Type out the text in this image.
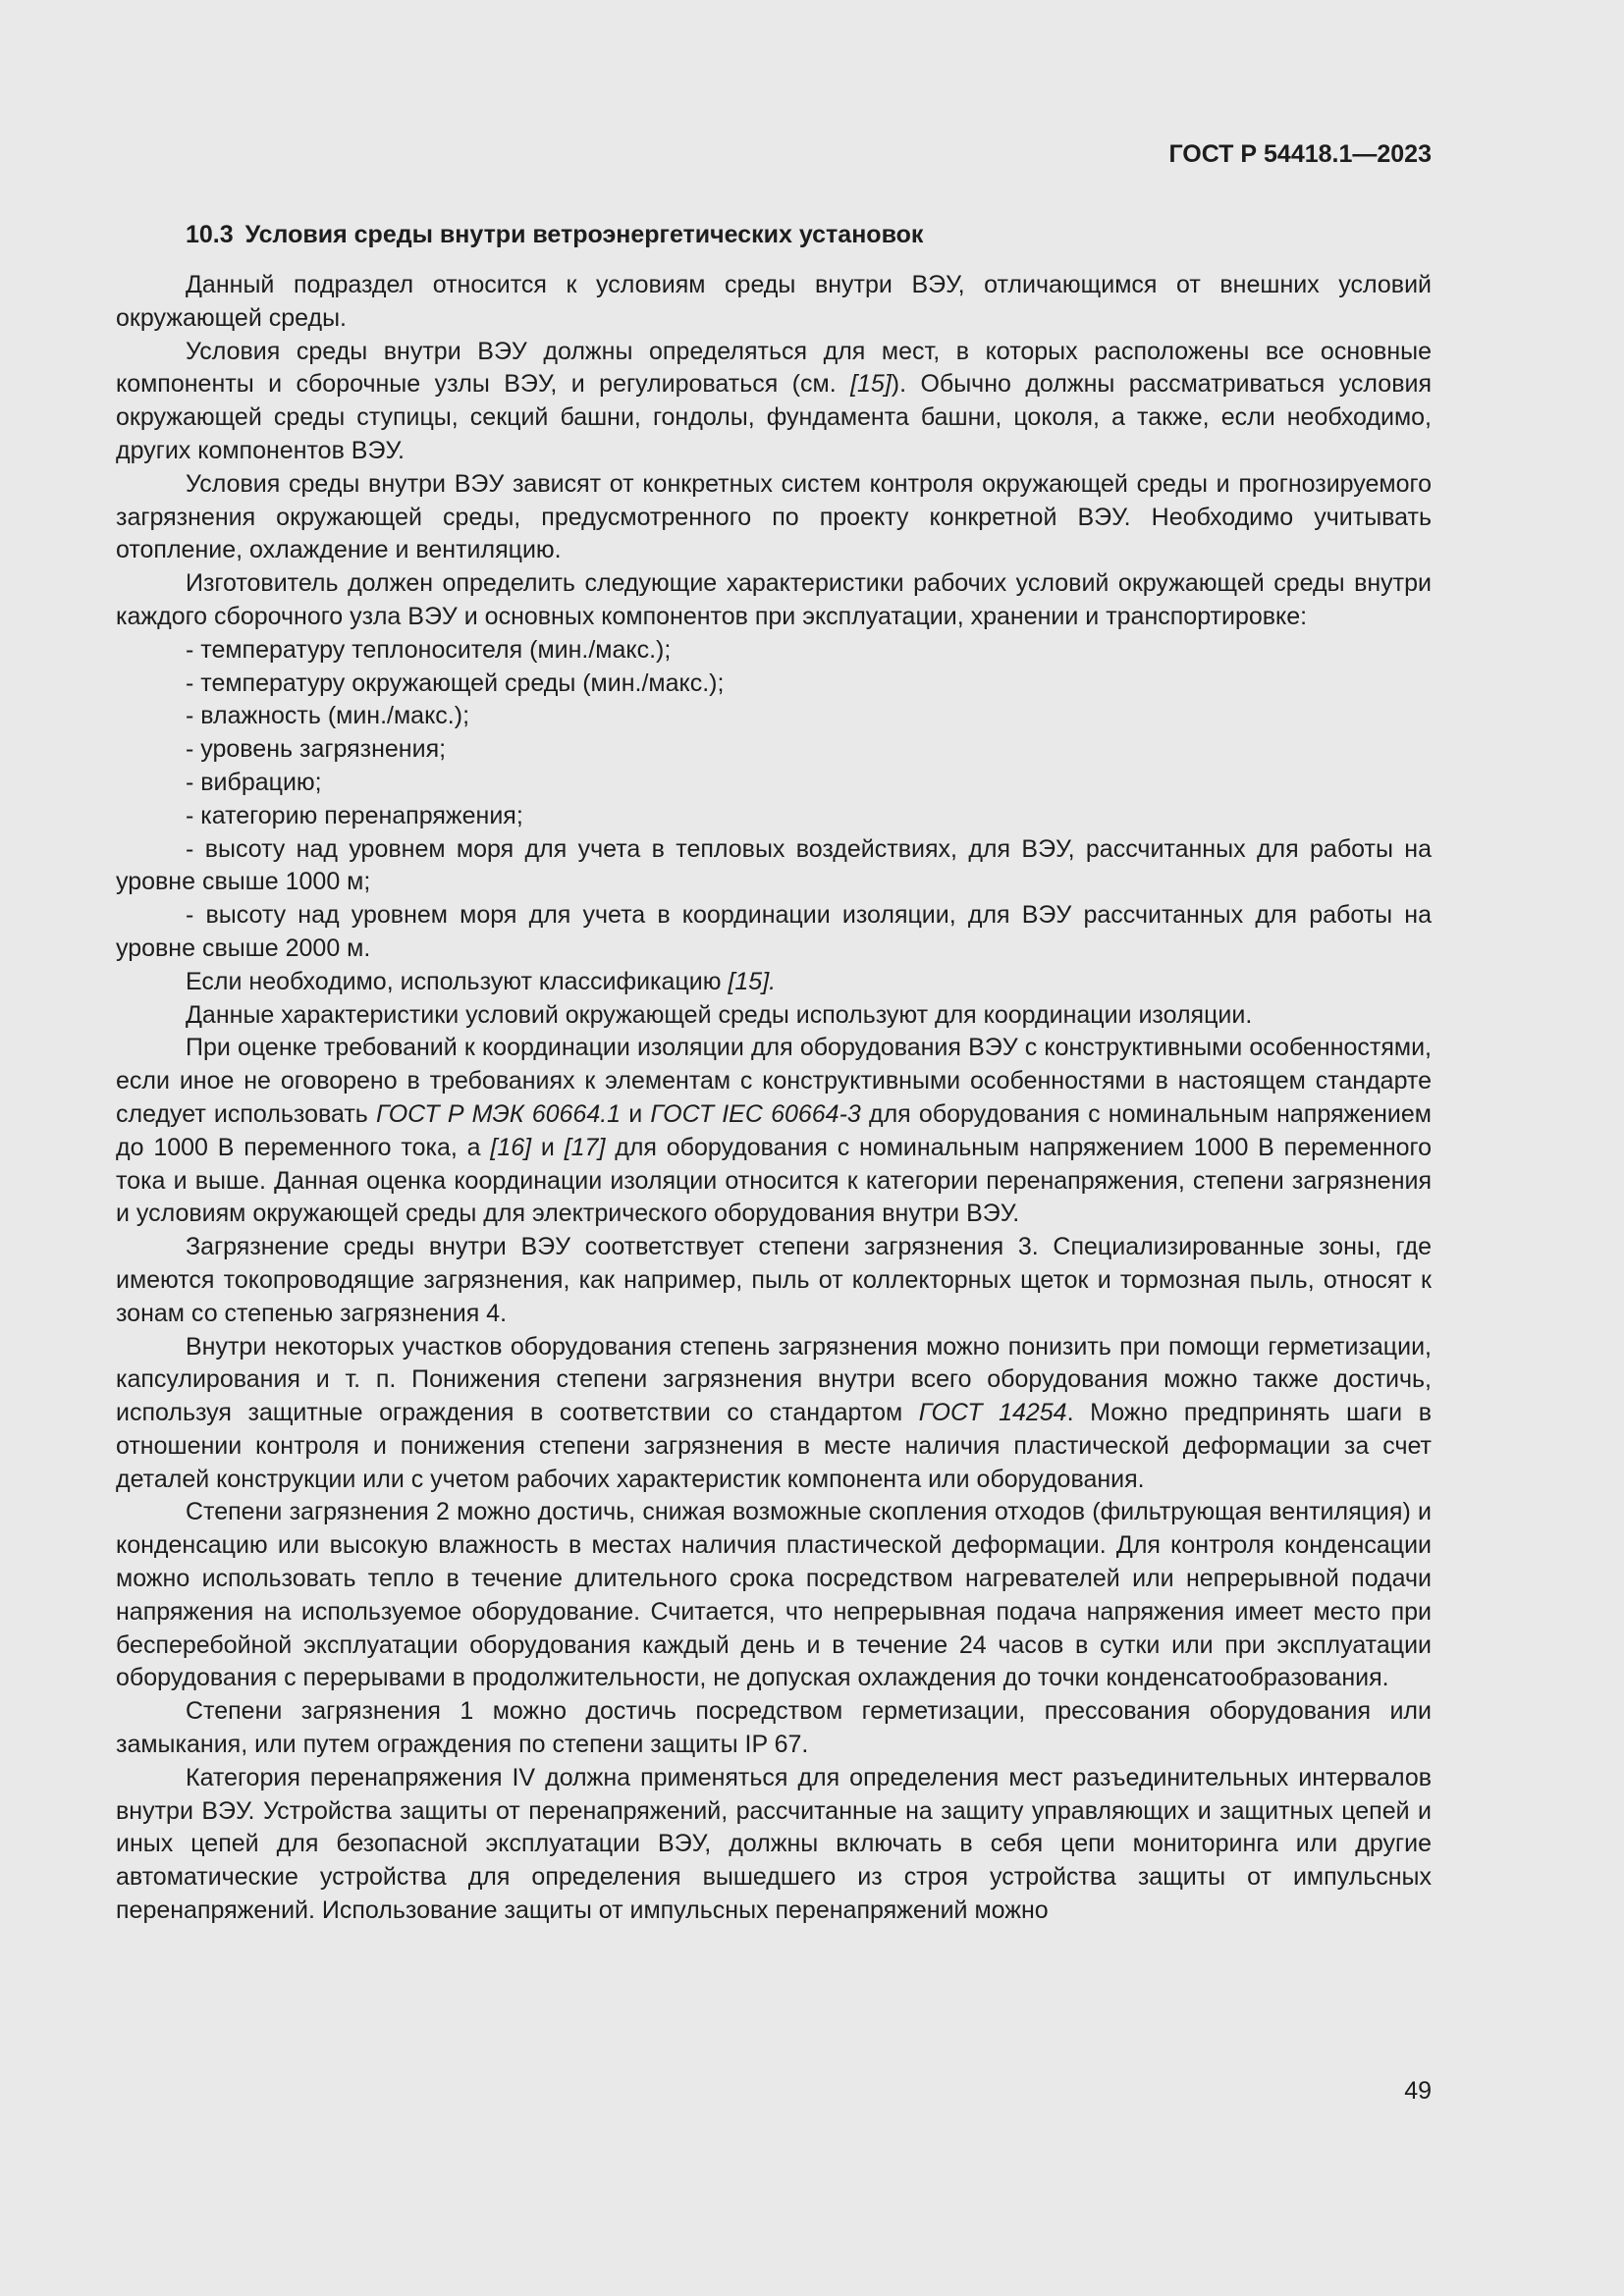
ГОСТ Р 54418.1—2023
10.3 Условия среды внутри ветроэнергетических установок

Данный подраздел относится к условиям среды внутри ВЭУ, отличающимся от внешних условий окружающей среды.

Условия среды внутри ВЭУ должны определяться для мест, в которых расположены все основные компоненты и сборочные узлы ВЭУ, и регулироваться (см. [15]). Обычно должны рассматриваться условия окружающей среды ступицы, секций башни, гондолы, фундамента башни, цоколя, а также, если необходимо, других компонентов ВЭУ.

Условия среды внутри ВЭУ зависят от конкретных систем контроля окружающей среды и прогнозируемого загрязнения окружающей среды, предусмотренного по проекту конкретной ВЭУ. Необходимо учитывать отопление, охлаждение и вентиляцию.

Изготовитель должен определить следующие характеристики рабочих условий окружающей среды внутри каждого сборочного узла ВЭУ и основных компонентов при эксплуатации, хранении и транспортировке:

- температуру теплоносителя (мин./макс.);

- температуру окружающей среды (мин./макс.);

- влажность (мин./макс.);

- уровень загрязнения;

- вибрацию;

- категорию перенапряжения;

- высоту над уровнем моря для учета в тепловых воздействиях, для ВЭУ, рассчитанных для работы на уровне свыше 1000 м;

- высоту над уровнем моря для учета в координации изоляции, для ВЭУ рассчитанных для работы на уровне свыше 2000 м.

Если необходимо, используют классификацию [15].

Данные характеристики условий окружающей среды используют для координации изоляции.

При оценке требований к координации изоляции для оборудования ВЭУ с конструктивными особенностями, если иное не оговорено в требованиях к элементам с конструктивными особенностями в настоящем стандарте следует использовать ГОСТ Р МЭК 60664.1 и ГОСТ IEC 60664-3 для оборудования с номинальным напряжением до 1000 В переменного тока, а [16] и [17] для оборудования с номинальным напряжением 1000 В переменного тока и выше. Данная оценка координации изоляции относится к категории перенапряжения, степени загрязнения и условиям окружающей среды для электрического оборудования внутри ВЭУ.

Загрязнение среды внутри ВЭУ соответствует степени загрязнения 3. Специализированные зоны, где имеются токопроводящие загрязнения, как например, пыль от коллекторных щеток и тормозная пыль, относят к зонам со степенью загрязнения 4.

Внутри некоторых участков оборудования степень загрязнения можно понизить при помощи герметизации, капсулирования и т. п. Понижения степени загрязнения внутри всего оборудования можно также достичь, используя защитные ограждения в соответствии со стандартом ГОСТ 14254. Можно предпринять шаги в отношении контроля и понижения степени загрязнения в месте наличия пластической деформации за счет деталей конструкции или с учетом рабочих характеристик компонента или оборудования.

Степени загрязнения 2 можно достичь, снижая возможные скопления отходов (фильтрующая вентиляция) и конденсацию или высокую влажность в местах наличия пластической деформации. Для контроля конденсации можно использовать тепло в течение длительного срока посредством нагревателей или непрерывной подачи напряжения на используемое оборудование. Считается, что непрерывная подача напряжения имеет место при бесперебойной эксплуатации оборудования каждый день и в течение 24 часов в сутки или при эксплуатации оборудования с перерывами в продолжительности, не допуская охлаждения до точки конденсатообразования.

Степени загрязнения 1 можно достичь посредством герметизации, прессования оборудования или замыкания, или путем ограждения по степени защиты IP 67.

Категория перенапряжения IV должна применяться для определения мест разъединительных интервалов внутри ВЭУ. Устройства защиты от перенапряжений, рассчитанные на защиту управляющих и защитных цепей и иных цепей для безопасной эксплуатации ВЭУ, должны включать в себя цепи мониторинга или другие автоматические устройства для определения вышедшего из строя устройства защиты от импульсных перенапряжений. Использование защиты от импульсных перенапряжений можно

49
